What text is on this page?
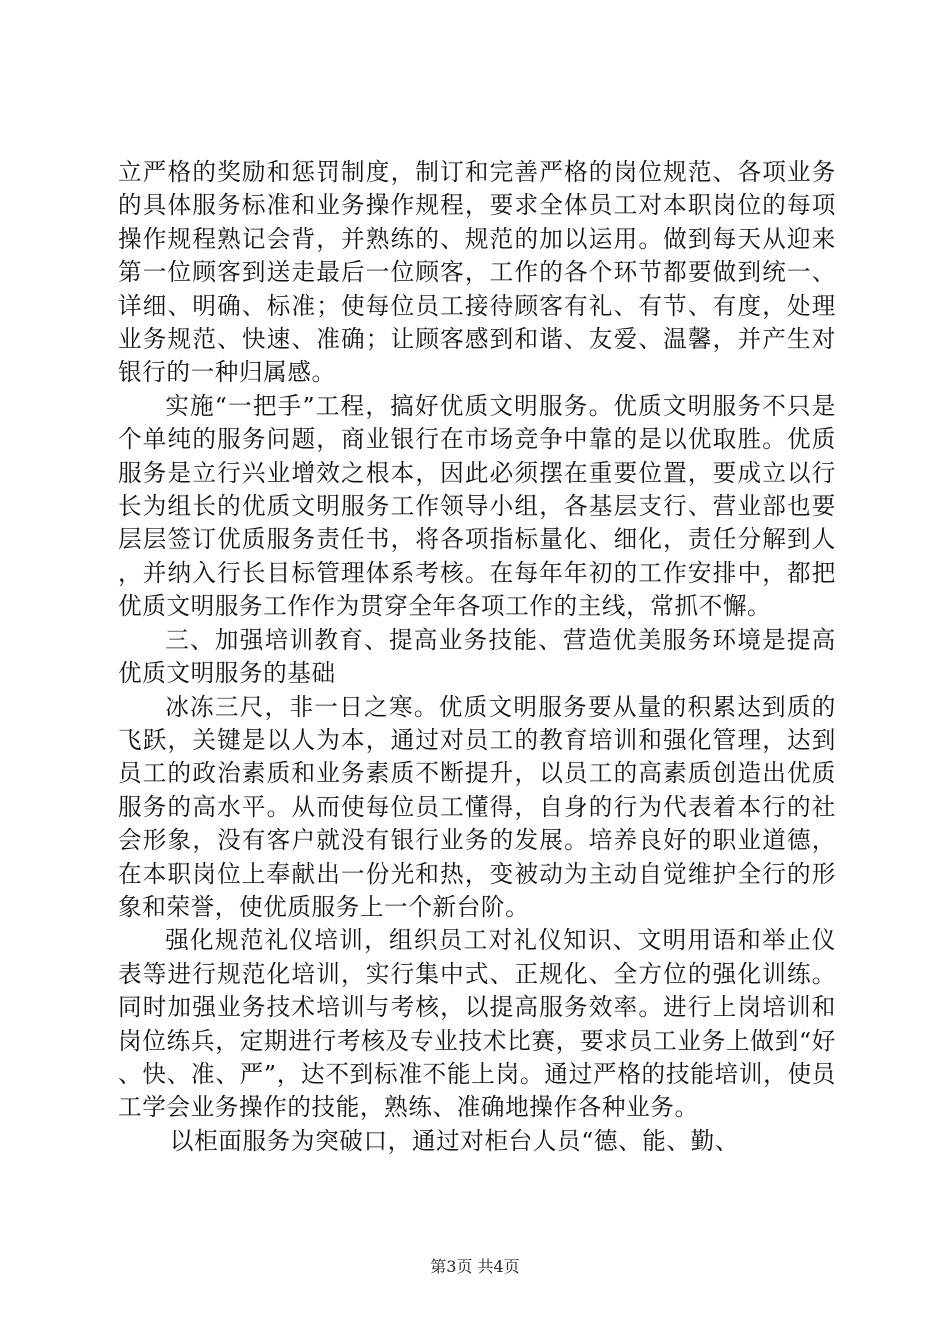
立严格的奖励和惩罚制度，制订和完善严格的岗位规范、各项业务的具体服务标准和业务操作规程，要求全体员工对本职岗位的每项操作规程熟记会背，并熟练的、规范的加以运用。做到每天从迎来第一位顾客到送走最后一位顾客，工作的各个环节都要做到统一、详细、明确、标准；使每位员工接待顾客有礼、有节、有度，处理业务规范、快速、准确；让顾客感到和谐、友爱、温馨，并产生对银行的一种归属感。

实施“一把手”工程，搞好优质文明服务。优质文明服务不只是个单纯的服务问题，商业银行在市场竞争中靠的是以优取胜。优质服务是立行兴业增效之根本，因此必须摆在重要位置，要成立以行长为组长的优质文明服务工作领导小组，各基层支行、营业部也要层层签订优质服务责任书，将各项指标量化、细化，责任分解到人，并纳入行长目标管理体系考核。在每年年初的工作安排中，都把优质文明服务工作作为贯穿全年各项工作的主线，常抓不懈。

三、加强培训教育、提高业务技能、营造优美服务环境是提高优质文明服务的基础

冰冻三尺，非一日之寒。优质文明服务要从量的积累达到质的飞跃，关键是以人为本，通过对员工的教育培训和强化管理，达到员工的政治素质和业务素质不断提升，以员工的高素质创造出优质服务的高水平。从而使每位员工懂得，自身的行为代表着本行的社会形象，没有客户就没有银行业务的发展。培养良好的职业道德，在本职岗位上奉献出一份光和热，变被动为主动自觉维护全行的形象和荣誉，使优质服务上一个新台阶。

强化规范礼仪培训，组织员工对礼仪知识、文明用语和举止仪表等进行规范化培训，实行集中式、正规化、全方位的强化训练。同时加强业务技术培训与考核，以提高服务效率。进行上岗培训和岗位练兵，定期进行考核及专业技术比赛，要求员工业务上做到“好、快、准、严”，达不到标准不能上岗。通过严格的技能培训，使员工学会业务操作的技能，熟练、准确地操作各种业务。

以柜面服务为突破口，通过对柜台人员“德、能、勤、

第3页 共4页
